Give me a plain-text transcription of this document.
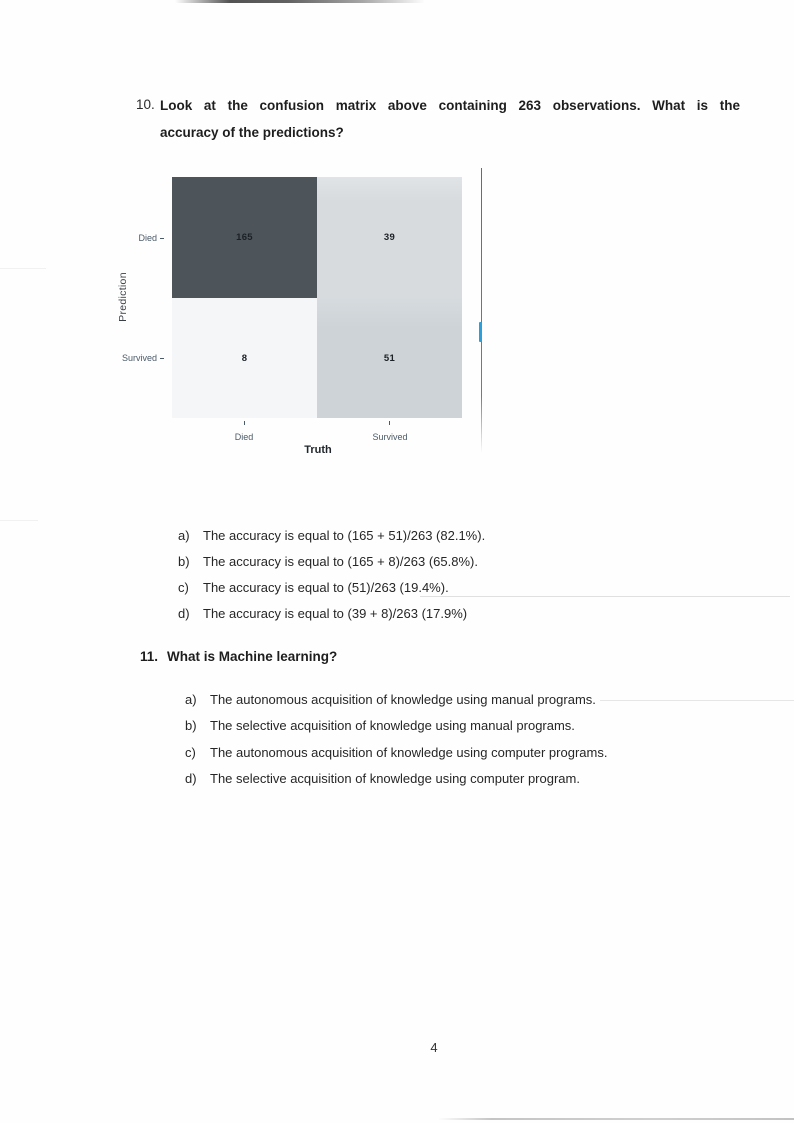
10. Look at the confusion matrix above containing 263 observations. What is the
accuracy of the predictions?
Prediction
Died
Survived
165	39
8	51
Died	Survived
Truth
a)	The accuracy is equal to (165 + 51)/263 (82.1%).
b)	The accuracy is equal to (165 + 8)/263 (65.8%).
c)	The accuracy is equal to (51)/263 (19.4%).
d)	The accuracy is equal to (39 + 8)/263 (17.9%)
11. What is Machine learning?
a)	The autonomous acquisition of knowledge using manual programs.
b)	The selective acquisition of knowledge using manual programs.
c)	The autonomous acquisition of knowledge using computer programs.
d)	The selective acquisition of knowledge using computer program.
4
